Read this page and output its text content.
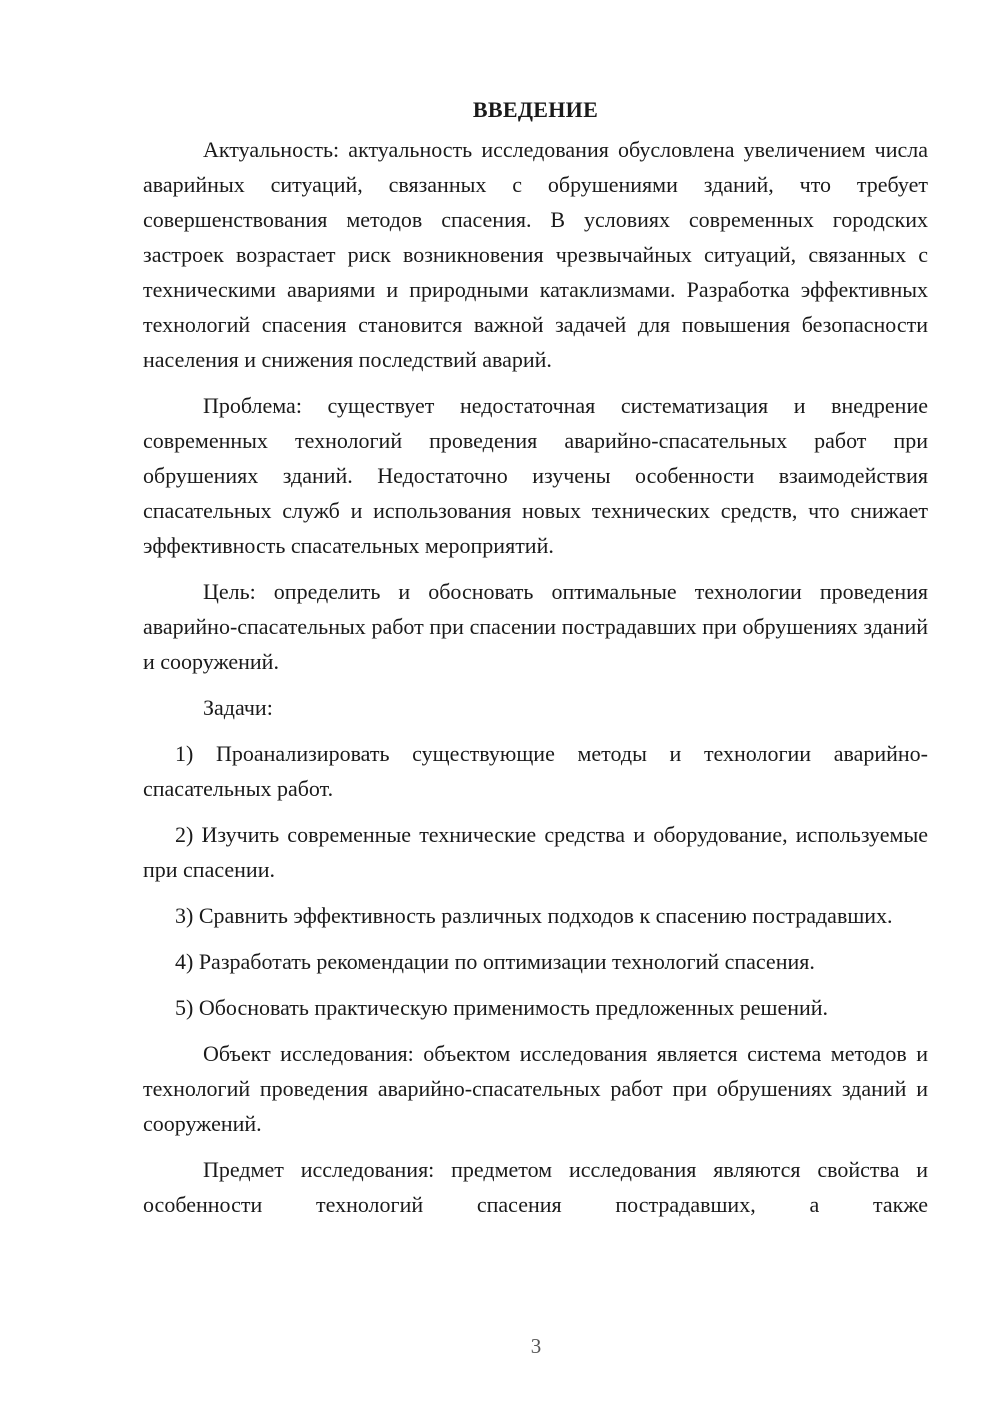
ВВЕДЕНИЕ

Актуальность: актуальность исследования обусловлена увеличением числа аварийных ситуаций, связанных с обрушениями зданий, что требует совершенствования методов спасения. В условиях современных городских застроек возрастает риск возникновения чрезвычайных ситуаций, связанных с техническими авариями и природными катаклизмами. Разработка эффективных технологий спасения становится важной задачей для повышения безопасности населения и снижения последствий аварий.

Проблема: существует недостаточная систематизация и внедрение современных технологий проведения аварийно-спасательных работ при обрушениях зданий. Недостаточно изучены особенности взаимодействия спасательных служб и использования новых технических средств, что снижает эффективность спасательных мероприятий.

Цель: определить и обосновать оптимальные технологии проведения аварийно-спасательных работ при спасении пострадавших при обрушениях зданий и сооружений.

Задачи:

1) Проанализировать существующие методы и технологии аварийно-спасательных работ.

2) Изучить современные технические средства и оборудование, используемые при спасении.

3) Сравнить эффективность различных подходов к спасению пострадавших.

4) Разработать рекомендации по оптимизации технологий спасения.

5) Обосновать практическую применимость предложенных решений.

Объект исследования: объектом исследования является система методов и технологий проведения аварийно-спасательных работ при обрушениях зданий и сооружений.

Предмет исследования: предметом исследования являются свойства и особенности технологий спасения пострадавших, а также

3
